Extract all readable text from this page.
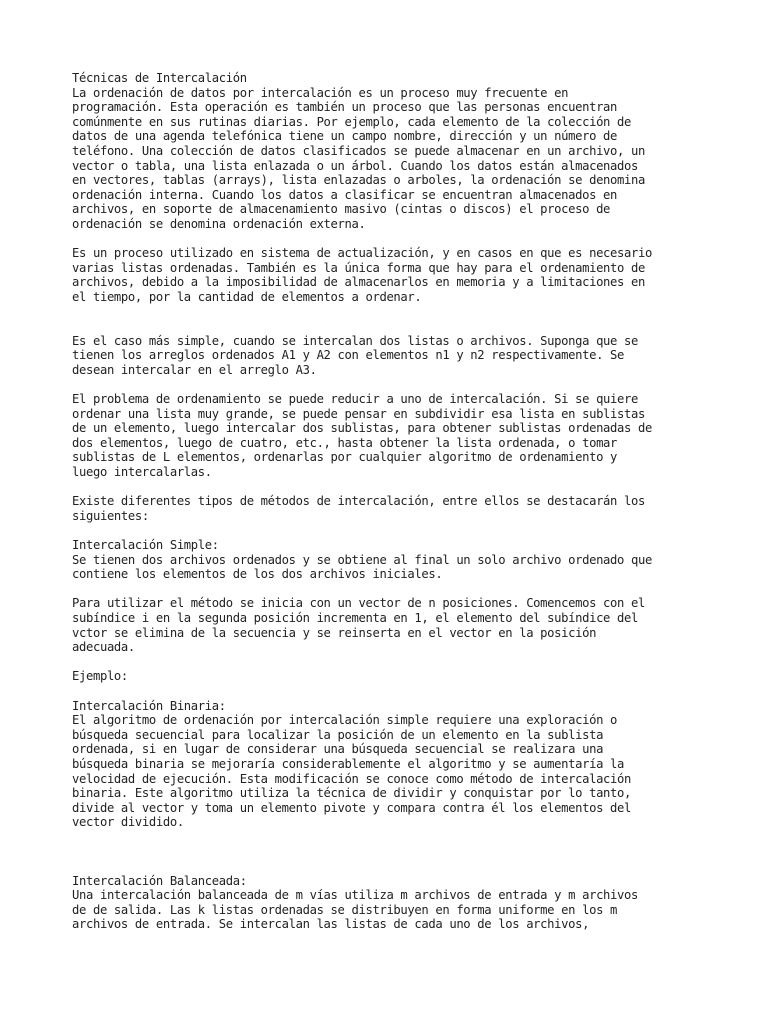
Técnicas de Intercalación
La ordenación de datos por intercalación es un proceso muy frecuente en
programación. Esta operación es también un proceso que las personas encuentran
comúnmente en sus rutinas diarias. Por ejemplo, cada elemento de la colección de
datos de una agenda telefónica tiene un campo nombre, dirección y un número de
teléfono. Una colección de datos clasificados se puede almacenar en un archivo, un
vector o tabla, una lista enlazada o un árbol. Cuando los datos están almacenados
en vectores, tablas (arrays), lista enlazadas o arboles, la ordenación se denomina
ordenación interna. Cuando los datos a clasificar se encuentran almacenados en
archivos, en soporte de almacenamiento masivo (cintas o discos) el proceso de
ordenación se denomina ordenación externa.
Es un proceso utilizado en sistema de actualización, y en casos en que es necesario
varias listas ordenadas. También es la única forma que hay para el ordenamiento de
archivos, debido a la imposibilidad de almacenarlos en memoria y a limitaciones en
el tiempo, por la cantidad de elementos a ordenar.
Es el caso más simple, cuando se intercalan dos listas o archivos. Suponga que se
tienen los arreglos ordenados A1 y A2 con elementos n1 y n2 respectivamente. Se
desean intercalar en el arreglo A3.
El problema de ordenamiento se puede reducir a uno de intercalación. Si se quiere
ordenar una lista muy grande, se puede pensar en subdividir esa lista en sublistas
de un elemento, luego intercalar dos sublistas, para obtener sublistas ordenadas de
dos elementos, luego de cuatro, etc., hasta obtener la lista ordenada, o tomar
sublistas de L elementos, ordenarlas por cualquier algoritmo de ordenamiento y
luego intercalarlas.
Existe diferentes tipos de métodos de intercalación, entre ellos se destacarán los
siguientes:
Intercalación Simple:
Se tienen dos archivos ordenados y se obtiene al final un solo archivo ordenado que
contiene los elementos de los dos archivos iniciales.
Para utilizar el método se inicia con un vector de n posiciones. Comencemos con el
subíndice i en la segunda posición incrementa en 1, el elemento del subíndice del
vctor se elimina de la secuencia y se reinserta en el vector en la posición
adecuada.
Ejemplo:
Intercalación Binaria:
El algoritmo de ordenación por intercalación simple requiere una exploración o
búsqueda secuencial para localizar la posición de un elemento en la sublista
ordenada, si en lugar de considerar una búsqueda secuencial se realizara una
búsqueda binaria se mejoraría considerablemente el algoritmo y se aumentaría la
velocidad de ejecución. Esta modificación se conoce como método de intercalación
binaria. Este algoritmo utiliza la técnica de dividir y conquistar por lo tanto,
divide al vector y toma un elemento pivote y compara contra él los elementos del
vector dividido.
Intercalación Balanceada:
Una intercalación balanceada de m vías utiliza m archivos de entrada y m archivos
de de salida. Las k listas ordenadas se distribuyen en forma uniforme en los m
archivos de entrada. Se intercalan las listas de cada uno de los archivos,
